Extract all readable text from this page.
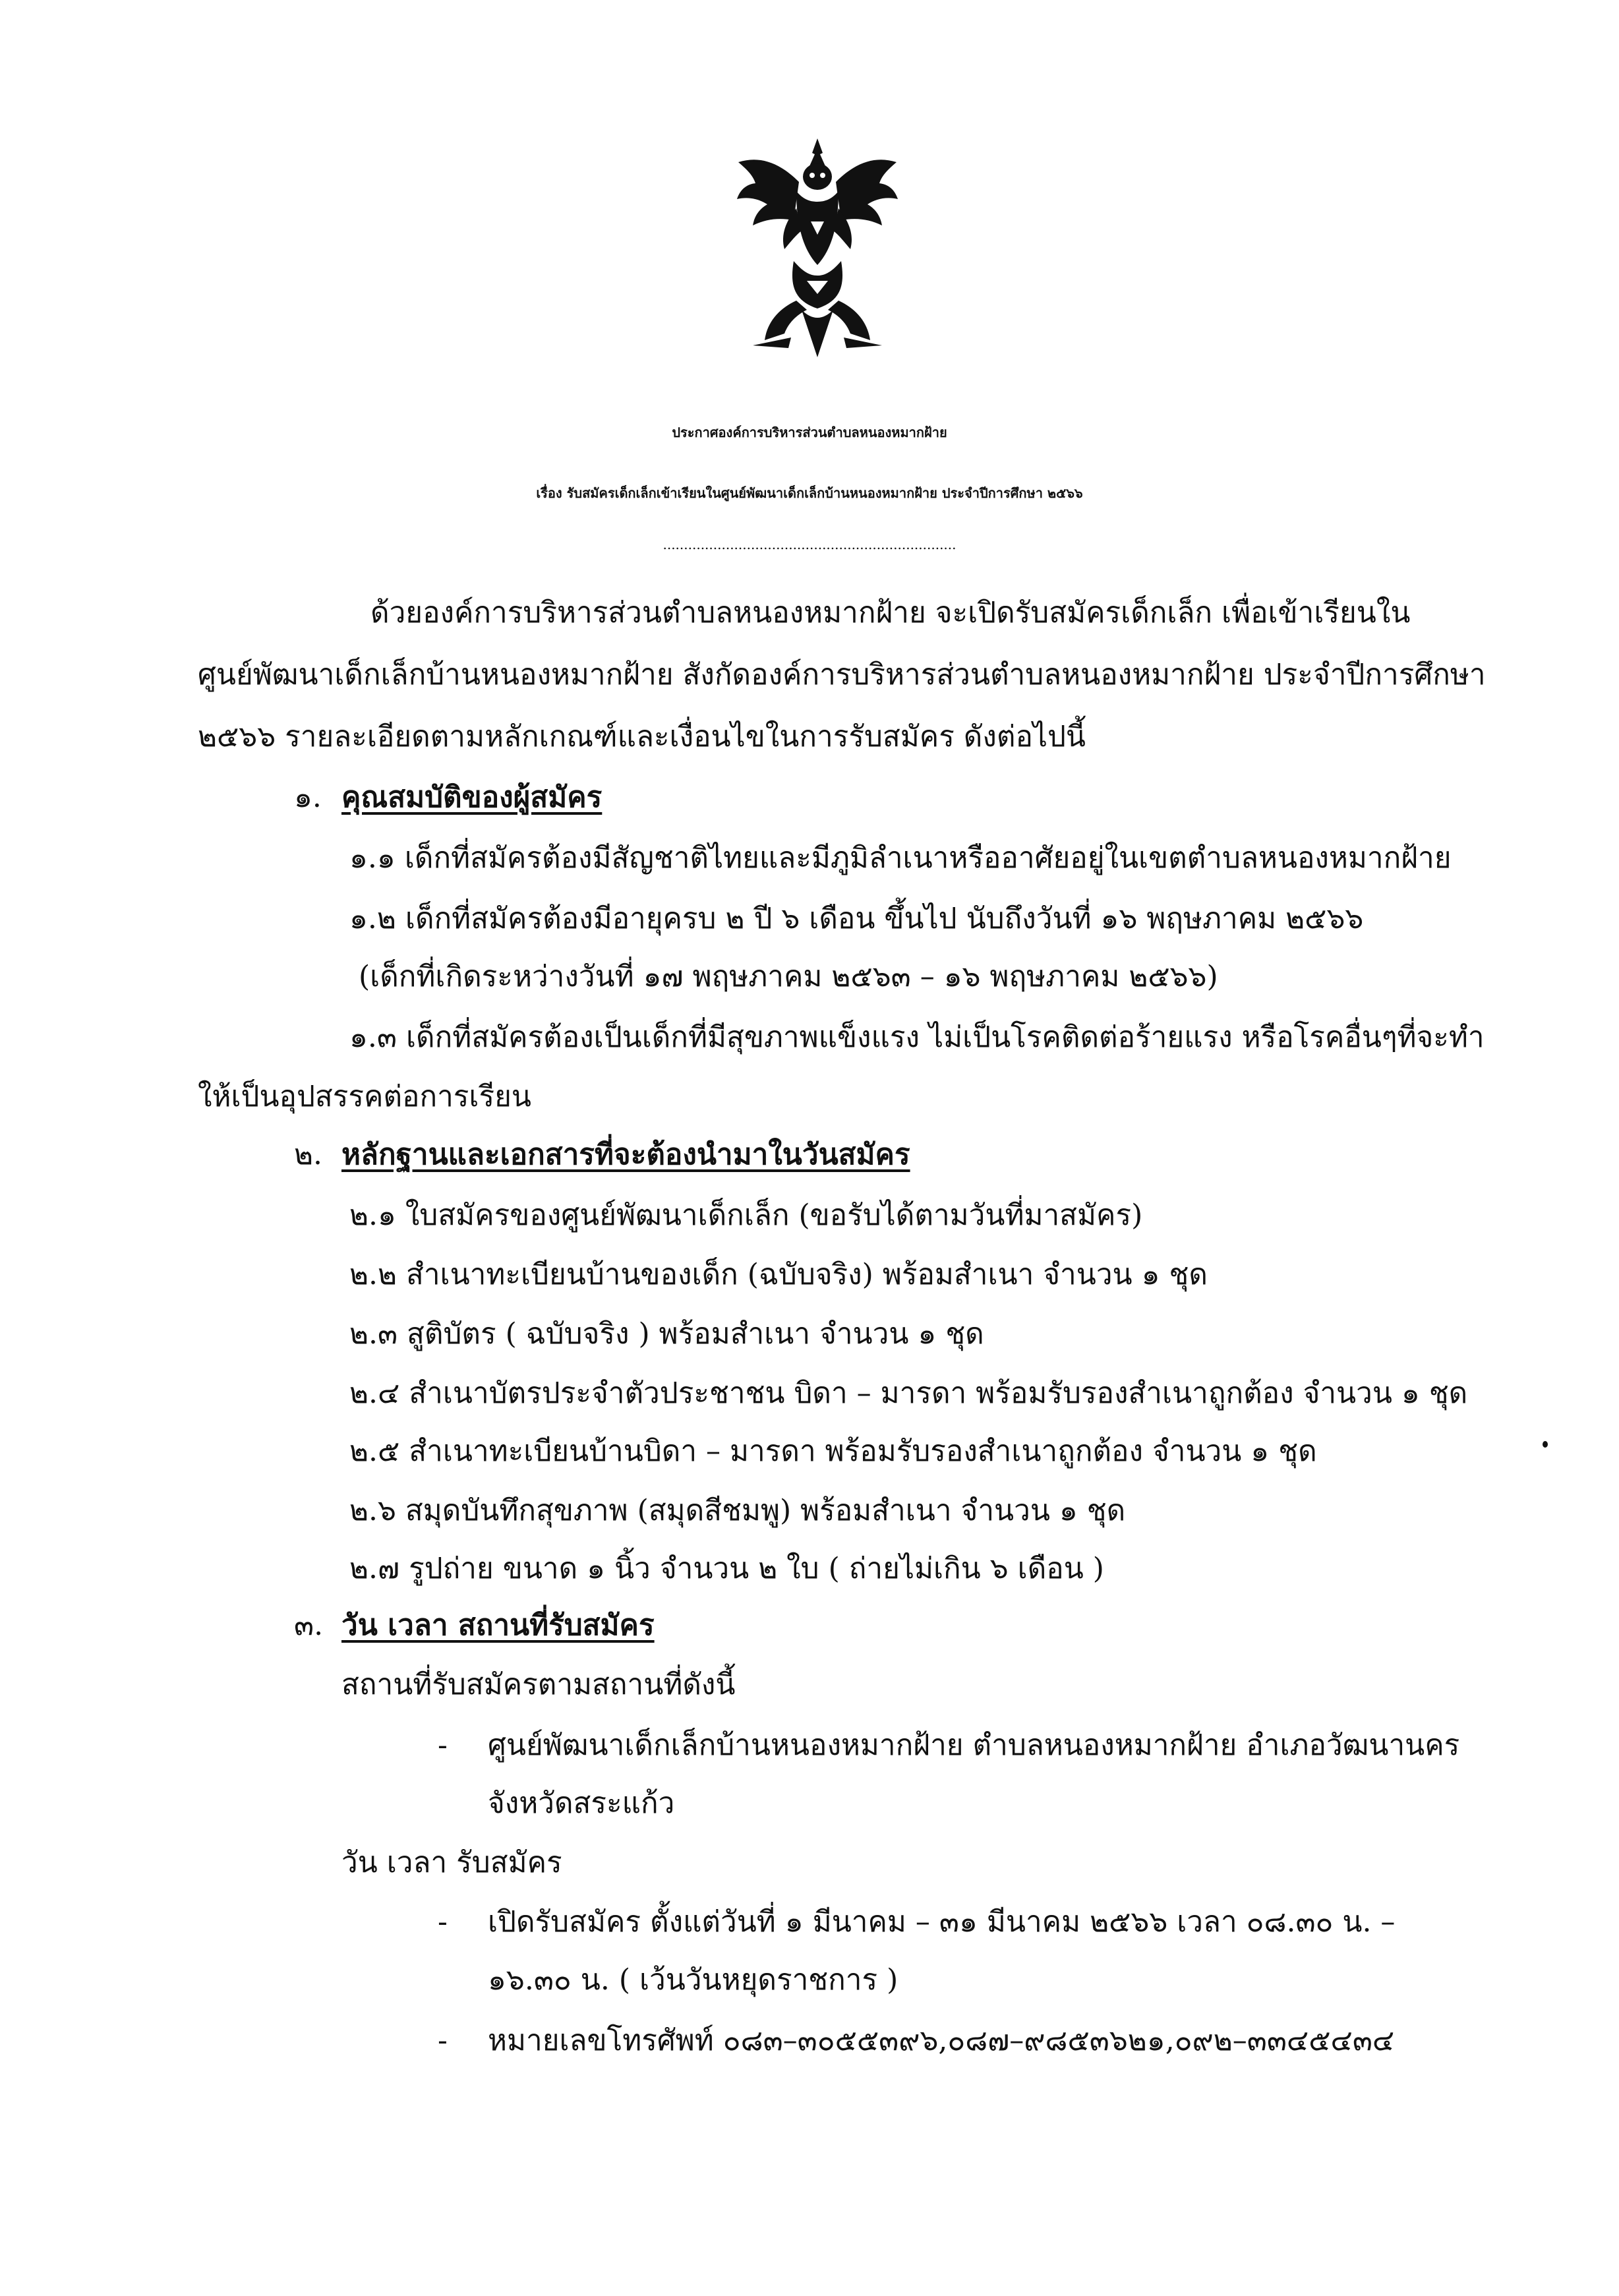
ประกาศองค์การบริหารส่วนตำบลหนองหมากฝ้าย
เรื่อง รับสมัครเด็กเล็กเข้าเรียนในศูนย์พัฒนาเด็กเล็กบ้านหนองหมากฝ้าย ประจำปีการศึกษา ๒๕๖๖
......................................................................
ด้วยองค์การบริหารส่วนตำบลหนองหมากฝ้าย จะเปิดรับสมัครเด็กเล็ก เพื่อเข้าเรียนใน
ศูนย์พัฒนาเด็กเล็กบ้านหนองหมากฝ้าย สังกัดองค์การบริหารส่วนตำบลหนองหมากฝ้าย ประจำปีการศึกษา
๒๕๖๖ รายละเอียดตามหลักเกณฑ์และเงื่อนไขในการรับสมัคร ดังต่อไปนี้
๑. คุณสมบัติของผู้สมัคร
๑.๑ เด็กที่สมัครต้องมีสัญชาติไทยและมีภูมิลำเนาหรืออาศัยอยู่ในเขตตำบลหนองหมากฝ้าย
๑.๒ เด็กที่สมัครต้องมีอายุครบ ๒ ปี ๖ เดือน ขึ้นไป นับถึงวันที่ ๑๖ พฤษภาคม ๒๕๖๖
(เด็กที่เกิดระหว่างวันที่ ๑๗ พฤษภาคม ๒๕๖๓ – ๑๖ พฤษภาคม ๒๕๖๖)
๑.๓ เด็กที่สมัครต้องเป็นเด็กที่มีสุขภาพแข็งแรง ไม่เป็นโรคติดต่อร้ายแรง หรือโรคอื่นๆที่จะทำ
ให้เป็นอุปสรรคต่อการเรียน
๒. หลักฐานและเอกสารที่จะต้องนำมาในวันสมัคร
๒.๑ ใบสมัครของศูนย์พัฒนาเด็กเล็ก (ขอรับได้ตามวันที่มาสมัคร)
๒.๒ สำเนาทะเบียนบ้านของเด็ก (ฉบับจริง) พร้อมสำเนา จำนวน ๑ ชุด
๒.๓ สูติบัตร ( ฉบับจริง ) พร้อมสำเนา จำนวน ๑ ชุด
๒.๔ สำเนาบัตรประจำตัวประชาชน บิดา – มารดา พร้อมรับรองสำเนาถูกต้อง จำนวน ๑ ชุด
๒.๕ สำเนาทะเบียนบ้านบิดา – มารดา พร้อมรับรองสำเนาถูกต้อง จำนวน ๑ ชุด
๒.๖ สมุดบันทึกสุขภาพ (สมุดสีชมพู) พร้อมสำเนา จำนวน ๑ ชุด
๒.๗ รูปถ่าย ขนาด ๑ นิ้ว จำนวน ๒ ใบ ( ถ่ายไม่เกิน ๖ เดือน )
๓. วัน เวลา สถานที่รับสมัคร
สถานที่รับสมัครตามสถานที่ดังนี้
- ศูนย์พัฒนาเด็กเล็กบ้านหนองหมากฝ้าย ตำบลหนองหมากฝ้าย อำเภอวัฒนานคร
จังหวัดสระแก้ว
วัน เวลา รับสมัคร
- เปิดรับสมัคร ตั้งแต่วันที่ ๑ มีนาคม – ๓๑ มีนาคม ๒๕๖๖ เวลา ๐๘.๓๐ น. –
๑๖.๓๐ น. ( เว้นวันหยุดราชการ )
- หมายเลขโทรศัพท์ ๐๘๓–๓๐๕๕๓๙๖,๐๘๗–๙๘๕๓๖๒๑,๐๙๒–๓๓๔๕๔๓๔
